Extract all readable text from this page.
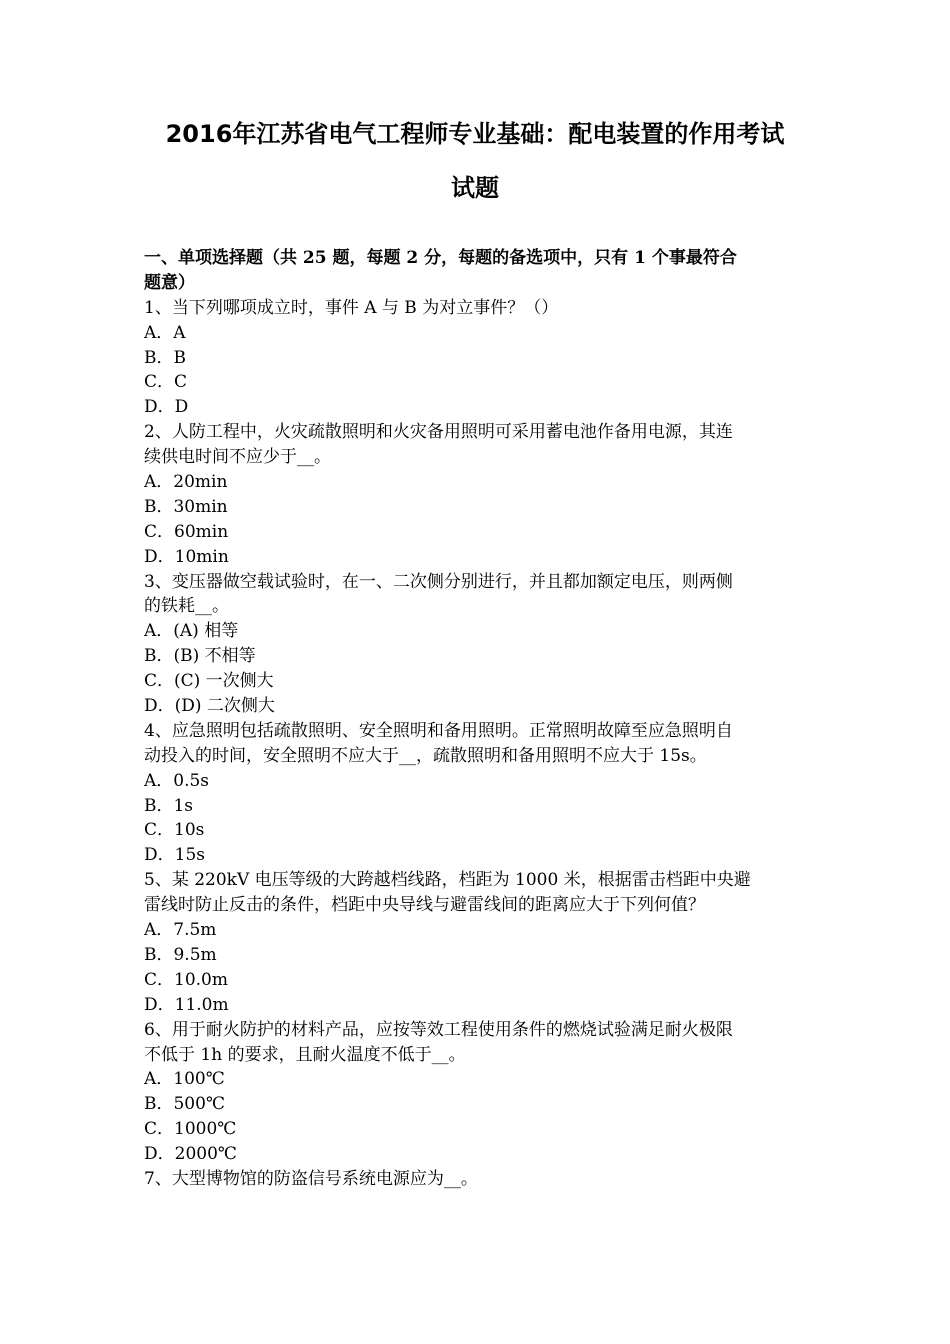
2016年江苏省电气工程师专业基础：配电装置的作用考试
试题
一、单项选择题（共 25 题，每题 2 分，每题的备选项中，只有 1 个事最符合
题意）
1、当下列哪项成立时，事件 A 与 B 为对立事件？（）
A．A
B．B
C．C
D．D
2、人防工程中，火灾疏散照明和火灾备用照明可采用蓄电池作备用电源，其连
续供电时间不应少于__。
A．20min
B．30min
C．60min
D．10min
3、变压器做空载试验时，在一、二次侧分别进行，并且都加额定电压，则两侧
的铁耗__。
A．(A) 相等
B．(B) 不相等
C．(C) 一次侧大
D．(D) 二次侧大
4、应急照明包括疏散照明、安全照明和备用照明。正常照明故障至应急照明自
动投入的时间，安全照明不应大于__，疏散照明和备用照明不应大于 15s。
A．0.5s
B．1s
C．10s
D．15s
5、某 220kV 电压等级的大跨越档线路，档距为 1000 米，根据雷击档距中央避
雷线时防止反击的条件，档距中央导线与避雷线间的距离应大于下列何值？
A．7.5m
B．9.5m
C．10.0m
D．11.0m
6、用于耐火防护的材料产品，应按等效工程使用条件的燃烧试验满足耐火极限
不低于 1h 的要求，且耐火温度不低于__。
A．100℃
B．500℃
C．1000℃
D．2000℃
7、大型博物馆的防盗信号系统电源应为__。
